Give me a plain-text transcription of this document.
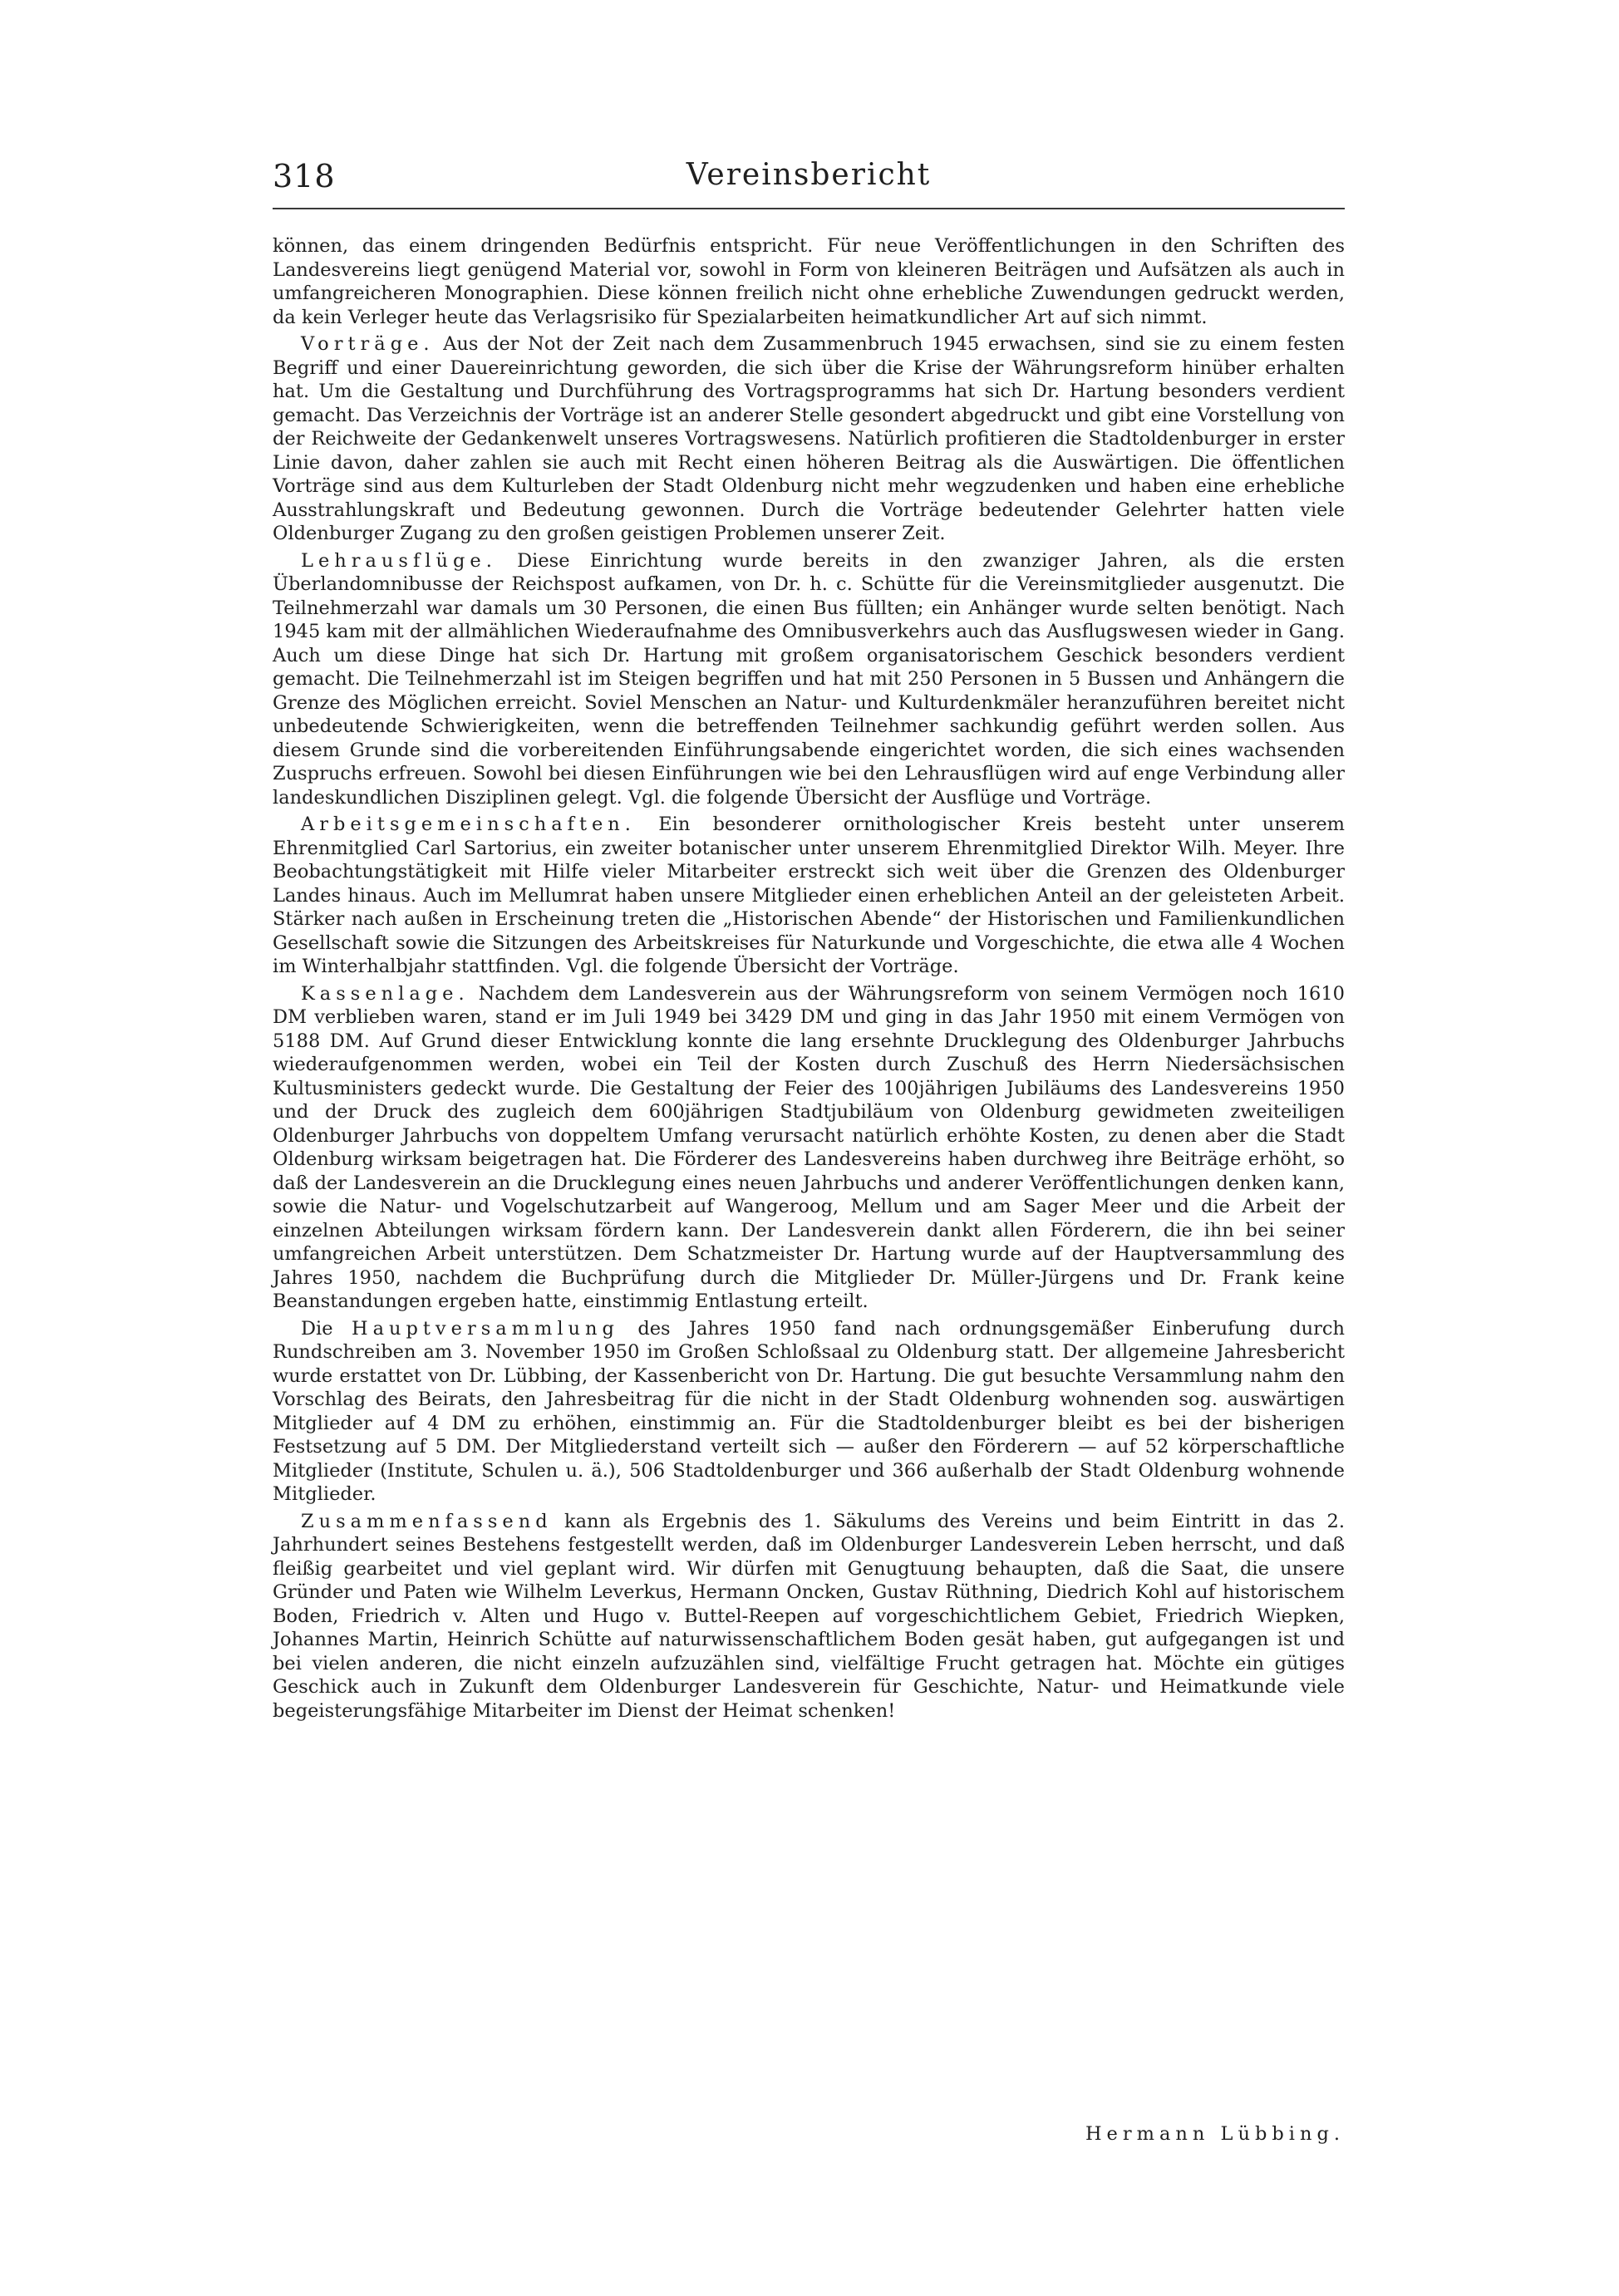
318	Vereinsbericht

können, das einem dringenden Bedürfnis entspricht. Für neue Veröffentlichungen in den Schriften des Landesvereins liegt genügend Material vor, sowohl in Form von kleineren Beiträgen und Aufsätzen als auch in umfangreicheren Monographien. Diese können freilich nicht ohne erhebliche Zuwendungen gedruckt werden, da kein Verleger heute das Verlagsrisiko für Spezialarbeiten heimatkundlicher Art auf sich nimmt.

Vorträge. Aus der Not der Zeit nach dem Zusammenbruch 1945 erwachsen, sind sie zu einem festen Begriff und einer Dauereinrichtung geworden, die sich über die Krise der Währungsreform hinüber erhalten hat. Um die Gestaltung und Durchführung des Vortragsprogramms hat sich Dr. Hartung besonders verdient gemacht. Das Verzeichnis der Vorträge ist an anderer Stelle gesondert abgedruckt und gibt eine Vorstellung von der Reichweite der Gedankenwelt unseres Vortragswesens. Natürlich profitieren die Stadtoldenburger in erster Linie davon, daher zahlen sie auch mit Recht einen höheren Beitrag als die Auswärtigen. Die öffentlichen Vorträge sind aus dem Kulturleben der Stadt Oldenburg nicht mehr wegzudenken und haben eine erhebliche Ausstrahlungskraft und Bedeutung gewonnen. Durch die Vorträge bedeutender Gelehrter hatten viele Oldenburger Zugang zu den großen geistigen Problemen unserer Zeit.

Lehrausflüge. Diese Einrichtung wurde bereits in den zwanziger Jahren, als die ersten Überlandomnibusse der Reichspost aufkamen, von Dr. h. c. Schütte für die Vereinsmitglieder ausgenutzt. Die Teilnehmerzahl war damals um 30 Personen, die einen Bus füllten; ein Anhänger wurde selten benötigt. Nach 1945 kam mit der allmählichen Wiederaufnahme des Omnibusverkehrs auch das Ausflugswesen wieder in Gang. Auch um diese Dinge hat sich Dr. Hartung mit großem organisatorischem Geschick besonders verdient gemacht. Die Teilnehmerzahl ist im Steigen begriffen und hat mit 250 Personen in 5 Bussen und Anhängern die Grenze des Möglichen erreicht. Soviel Menschen an Natur- und Kulturdenkmäler heranzuführen bereitet nicht unbedeutende Schwierigkeiten, wenn die betreffenden Teilnehmer sachkundig geführt werden sollen. Aus diesem Grunde sind die vorbereitenden Einführungsabende eingerichtet worden, die sich eines wachsenden Zuspruchs erfreuen. Sowohl bei diesen Einführungen wie bei den Lehrausflügen wird auf enge Verbindung aller landeskundlichen Disziplinen gelegt. Vgl. die folgende Übersicht der Ausflüge und Vorträge.

Arbeitsgemeinschaften. Ein besonderer ornithologischer Kreis besteht unter unserem Ehrenmitglied Carl Sartorius, ein zweiter botanischer unter unserem Ehrenmitglied Direktor Wilh. Meyer. Ihre Beobachtungstätigkeit mit Hilfe vieler Mitarbeiter erstreckt sich weit über die Grenzen des Oldenburger Landes hinaus. Auch im Mellumrat haben unsere Mitglieder einen erheblichen Anteil an der geleisteten Arbeit. Stärker nach außen in Erscheinung treten die „Historischen Abende“ der Historischen und Familienkundlichen Gesellschaft sowie die Sitzungen des Arbeitskreises für Naturkunde und Vorgeschichte, die etwa alle 4 Wochen im Winterhalbjahr stattfinden. Vgl. die folgende Übersicht der Vorträge.

Kassenlage. Nachdem dem Landesverein aus der Währungsreform von seinem Vermögen noch 1610 DM verblieben waren, stand er im Juli 1949 bei 3429 DM und ging in das Jahr 1950 mit einem Vermögen von 5188 DM. Auf Grund dieser Entwicklung konnte die lang ersehnte Drucklegung des Oldenburger Jahrbuchs wiederaufgenommen werden, wobei ein Teil der Kosten durch Zuschuß des Herrn Niedersächsischen Kultusministers gedeckt wurde. Die Gestaltung der Feier des 100jährigen Jubiläums des Landesvereins 1950 und der Druck des zugleich dem 600jährigen Stadtjubiläum von Oldenburg gewidmeten zweiteiligen Oldenburger Jahrbuchs von doppeltem Umfang verursacht natürlich erhöhte Kosten, zu denen aber die Stadt Oldenburg wirksam beigetragen hat. Die Förderer des Landesvereins haben durchweg ihre Beiträge erhöht, so daß der Landesverein an die Drucklegung eines neuen Jahrbuchs und anderer Veröffentlichungen denken kann, sowie die Natur- und Vogelschutzarbeit auf Wangeroog, Mellum und am Sager Meer und die Arbeit der einzelnen Abteilungen wirksam fördern kann. Der Landesverein dankt allen Förderern, die ihn bei seiner umfangreichen Arbeit unterstützen. Dem Schatzmeister Dr. Hartung wurde auf der Hauptversammlung des Jahres 1950, nachdem die Buchprüfung durch die Mitglieder Dr. Müller-Jürgens und Dr. Frank keine Beanstandungen ergeben hatte, einstimmig Entlastung erteilt.

Die Hauptversammlung des Jahres 1950 fand nach ordnungsgemäßer Einberufung durch Rundschreiben am 3. November 1950 im Großen Schloßsaal zu Oldenburg statt. Der allgemeine Jahresbericht wurde erstattet von Dr. Lübbing, der Kassenbericht von Dr. Hartung. Die gut besuchte Versammlung nahm den Vorschlag des Beirats, den Jahresbeitrag für die nicht in der Stadt Oldenburg wohnenden sog. auswärtigen Mitglieder auf 4 DM zu erhöhen, einstimmig an. Für die Stadtoldenburger bleibt es bei der bisherigen Festsetzung auf 5 DM. Der Mitgliederstand verteilt sich — außer den Förderern — auf 52 körperschaftliche Mitglieder (Institute, Schulen u. ä.), 506 Stadtoldenburger und 366 außerhalb der Stadt Oldenburg wohnende Mitglieder.

Zusammenfassend kann als Ergebnis des 1. Säkulums des Vereins und beim Eintritt in das 2. Jahrhundert seines Bestehens festgestellt werden, daß im Oldenburger Landesverein Leben herrscht, und daß fleißig gearbeitet und viel geplant wird. Wir dürfen mit Genugtuung behaupten, daß die Saat, die unsere Gründer und Paten wie Wilhelm Leverkus, Hermann Oncken, Gustav Rüthning, Diedrich Kohl auf historischem Boden, Friedrich v. Alten und Hugo v. Buttel-Reepen auf vorgeschichtlichem Gebiet, Friedrich Wiepken, Johannes Martin, Heinrich Schütte auf naturwissenschaftlichem Boden gesät haben, gut aufgegangen ist und bei vielen anderen, die nicht einzeln aufzuzählen sind, vielfältige Frucht getragen hat. Möchte ein gütiges Geschick auch in Zukunft dem Oldenburger Landesverein für Geschichte, Natur- und Heimatkunde viele begeisterungsfähige Mitarbeiter im Dienst der Heimat schenken!

Hermann Lübbing.
